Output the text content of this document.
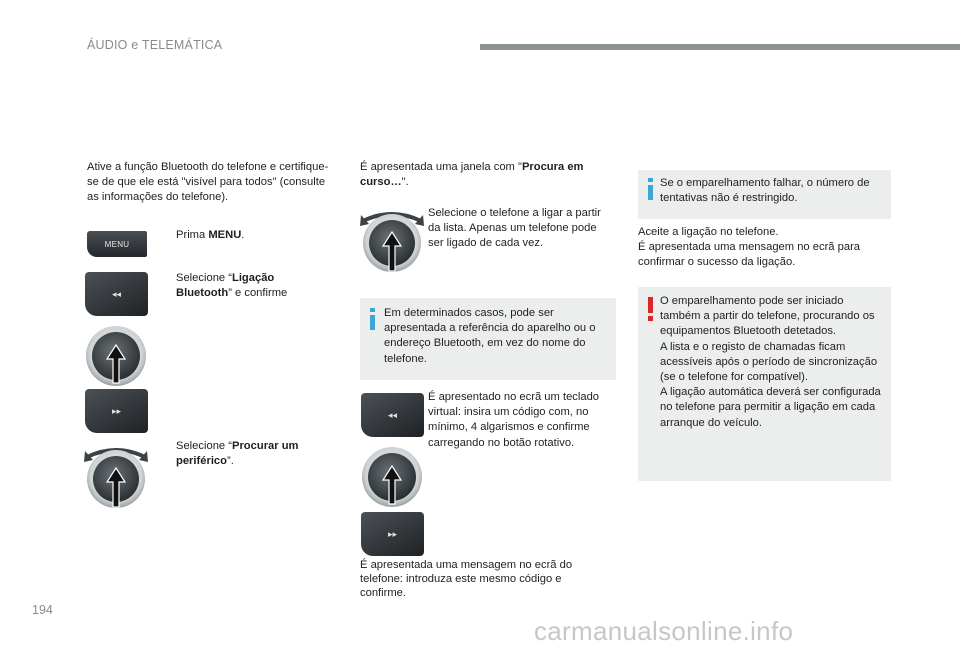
ÁUDIO e TELEMÁTICA
194
carmanualsonline.info
Ative a função Bluetooth do telefone e certifique-se de que ele está "visível para todos" (consulte as informações do telefone).
MENU
Prima MENU.
◂◂
Selecione “Ligação Bluetooth” e confirme
▸▸
Selecione “Procurar um periférico”.
É apresentada uma janela com "Procura em curso…".
Selecione o telefone a ligar a partir da lista. Apenas um telefone pode ser ligado de cada vez.
Em determinados casos, pode ser apresentada a referência do aparelho ou o endereço Bluetooth, em vez do nome do telefone.
◂◂
É apresentado no ecrã um teclado virtual: insira um código com, no mínimo, 4 algarismos e confirme carregando no botão rotativo.
▸▸
É apresentada uma mensagem no ecrã do telefone: introduza este mesmo código e confirme.
Se o emparelhamento falhar, o número de tentativas não é restringido.
Aceite a ligação no telefone.
É apresentada uma mensagem no ecrã para confirmar o sucesso da ligação.
O emparelhamento pode ser iniciado também a partir do telefone, procurando os equipamentos Bluetooth detetados.
A lista e o registo de chamadas ficam acessíveis após o período de sincronização (se o telefone for compatível).
A ligação automática deverá ser configurada no telefone para permitir a ligação em cada arranque do veículo.
